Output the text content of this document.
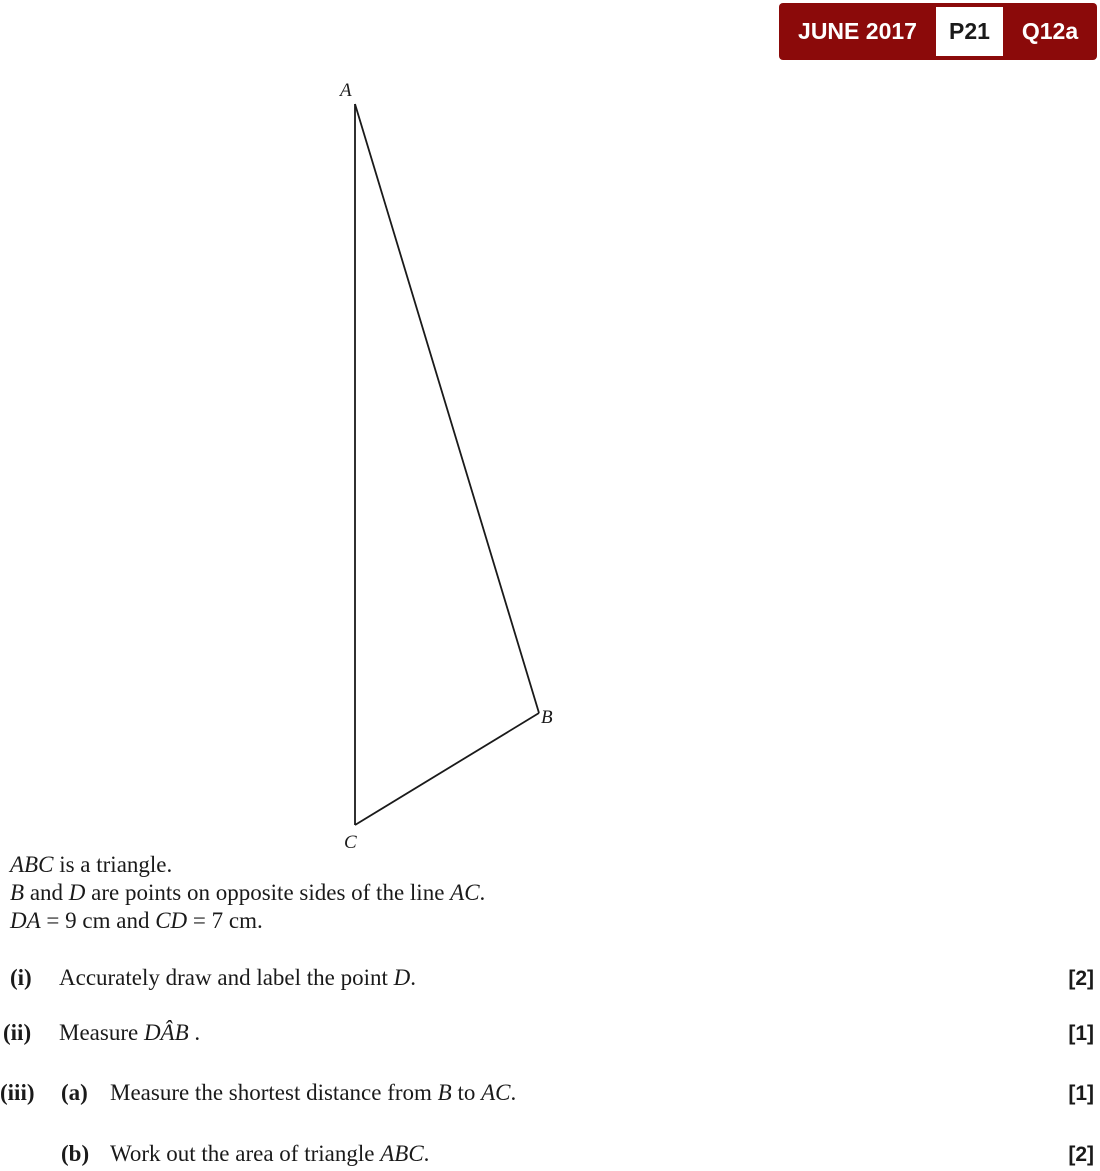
JUNE 2017	P21	Q12a
A
B
C
ABC is a triangle.
B and D are points on opposite sides of the line AC.
DA = 9 cm and CD = 7 cm.
(i) Accurately draw and label the point D.	[2]
(ii) Measure DÂB .	[1]
(iii) (a) Measure the shortest distance from B to AC.	[1]
(b) Work out the area of triangle ABC.	[2]
